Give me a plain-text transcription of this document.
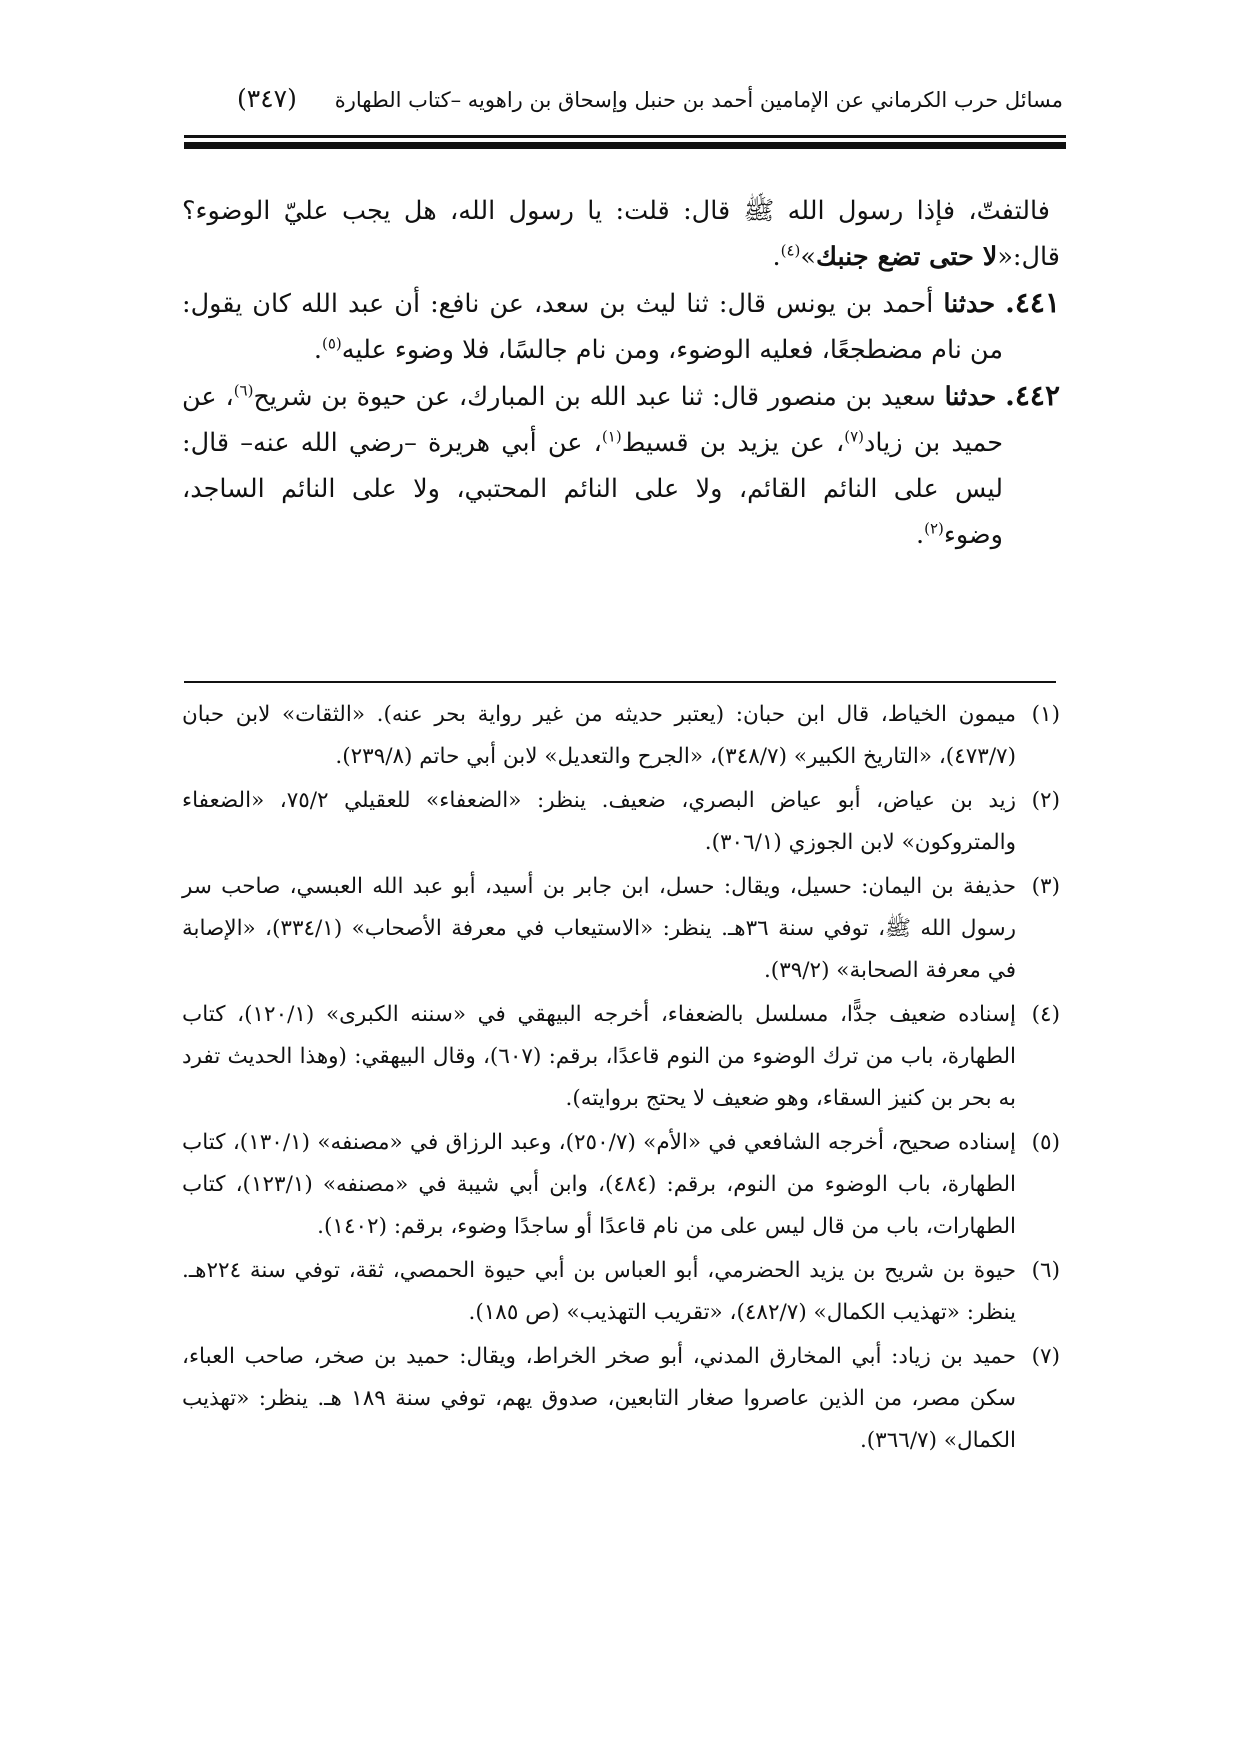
مسائل حرب الكرماني عن الإمامين أحمد بن حنبل وإسحاق بن راهويه –كتاب الطهارة
(٣٤٧)

فالتفتّ، فإذا رسول الله ﷺ قال: قلت: يا رسول الله، هل يجب عليّ الوضوء؟ قال:«لا حتى تضع جنبك»$^{(٤)}$.

٤٤١. حدثنا أحمد بن يونس قال: ثنا ليث بن سعد، عن نافع: أن عبد الله كان يقول: من نام مضطجعًا، فعليه الوضوء، ومن نام جالسًا، فلا وضوء عليه$^{(٥)}$.

٤٤٢. حدثنا سعيد بن منصور قال: ثنا عبد الله بن المبارك، عن حيوة بن شريح$^{(٦)}$، عن حميد بن زياد$^{(٧)}$، عن يزيد بن قسيط$^{(١)}$، عن أبي هريرة –رضي الله عنه– قال: ليس على النائم القائم، ولا على النائم المحتبي، ولا على النائم الساجد، وضوء$^{(٢)}$.

(١)ميمون الخياط، قال ابن حبان: (يعتبر حديثه من غير رواية بحر عنه). «الثقات» لابن حبان (٤٧٣/٧)، «التاريخ الكبير» (٣٤٨/٧)، «الجرح والتعديل» لابن أبي حاتم (٢٣٩/٨).

(٢)زيد بن عياض، أبو عياض البصري، ضعيف. ينظر: «الضعفاء» للعقيلي ٧٥/٢، «الضعفاء والمتروكون» لابن الجوزي (٣٠٦/١).

(٣)حذيفة بن اليمان: حسيل، ويقال: حسل، ابن جابر بن أسيد، أبو عبد الله العبسي، صاحب سر رسول الله ﷺ، توفي سنة ٣٦هـ. ينظر: «الاستيعاب في معرفة الأصحاب» (٣٣٤/١)، «الإصابة في معرفة الصحابة» (٣٩/٢).

(٤)إسناده ضعيف جدًّا، مسلسل بالضعفاء، أخرجه البيهقي في «سننه الكبرى» (١٢٠/١)، كتاب الطهارة، باب من ترك الوضوء من النوم قاعدًا، برقم: (٦٠٧)، وقال البيهقي: (وهذا الحديث تفرد به بحر بن كنيز السقاء، وهو ضعيف لا يحتج بروايته).

(٥)إسناده صحيح، أخرجه الشافعي في «الأم» (٢٥٠/٧)، وعبد الرزاق في «مصنفه» (١٣٠/١)، كتاب الطهارة، باب الوضوء من النوم، برقم: (٤٨٤)، وابن أبي شيبة في «مصنفه» (١٢٣/١)، كتاب الطهارات، باب من قال ليس على من نام قاعدًا أو ساجدًا وضوء، برقم: (١٤٠٢).

(٦)حيوة بن شريح بن يزيد الحضرمي، أبو العباس بن أبي حيوة الحمصي، ثقة، توفي سنة ٢٢٤هـ. ينظر: «تهذيب الكمال» (٤٨٢/٧)، «تقريب التهذيب» (ص ١٨٥).

(٧)حميد بن زياد: أبي المخارق المدني، أبو صخر الخراط، ويقال: حميد بن صخر، صاحب العباء، سكن مصر، من الذين عاصروا صغار التابعين، صدوق يهم، توفي سنة ١٨٩ هـ. ينظر: «تهذيب الكمال» (٣٦٦/٧).
